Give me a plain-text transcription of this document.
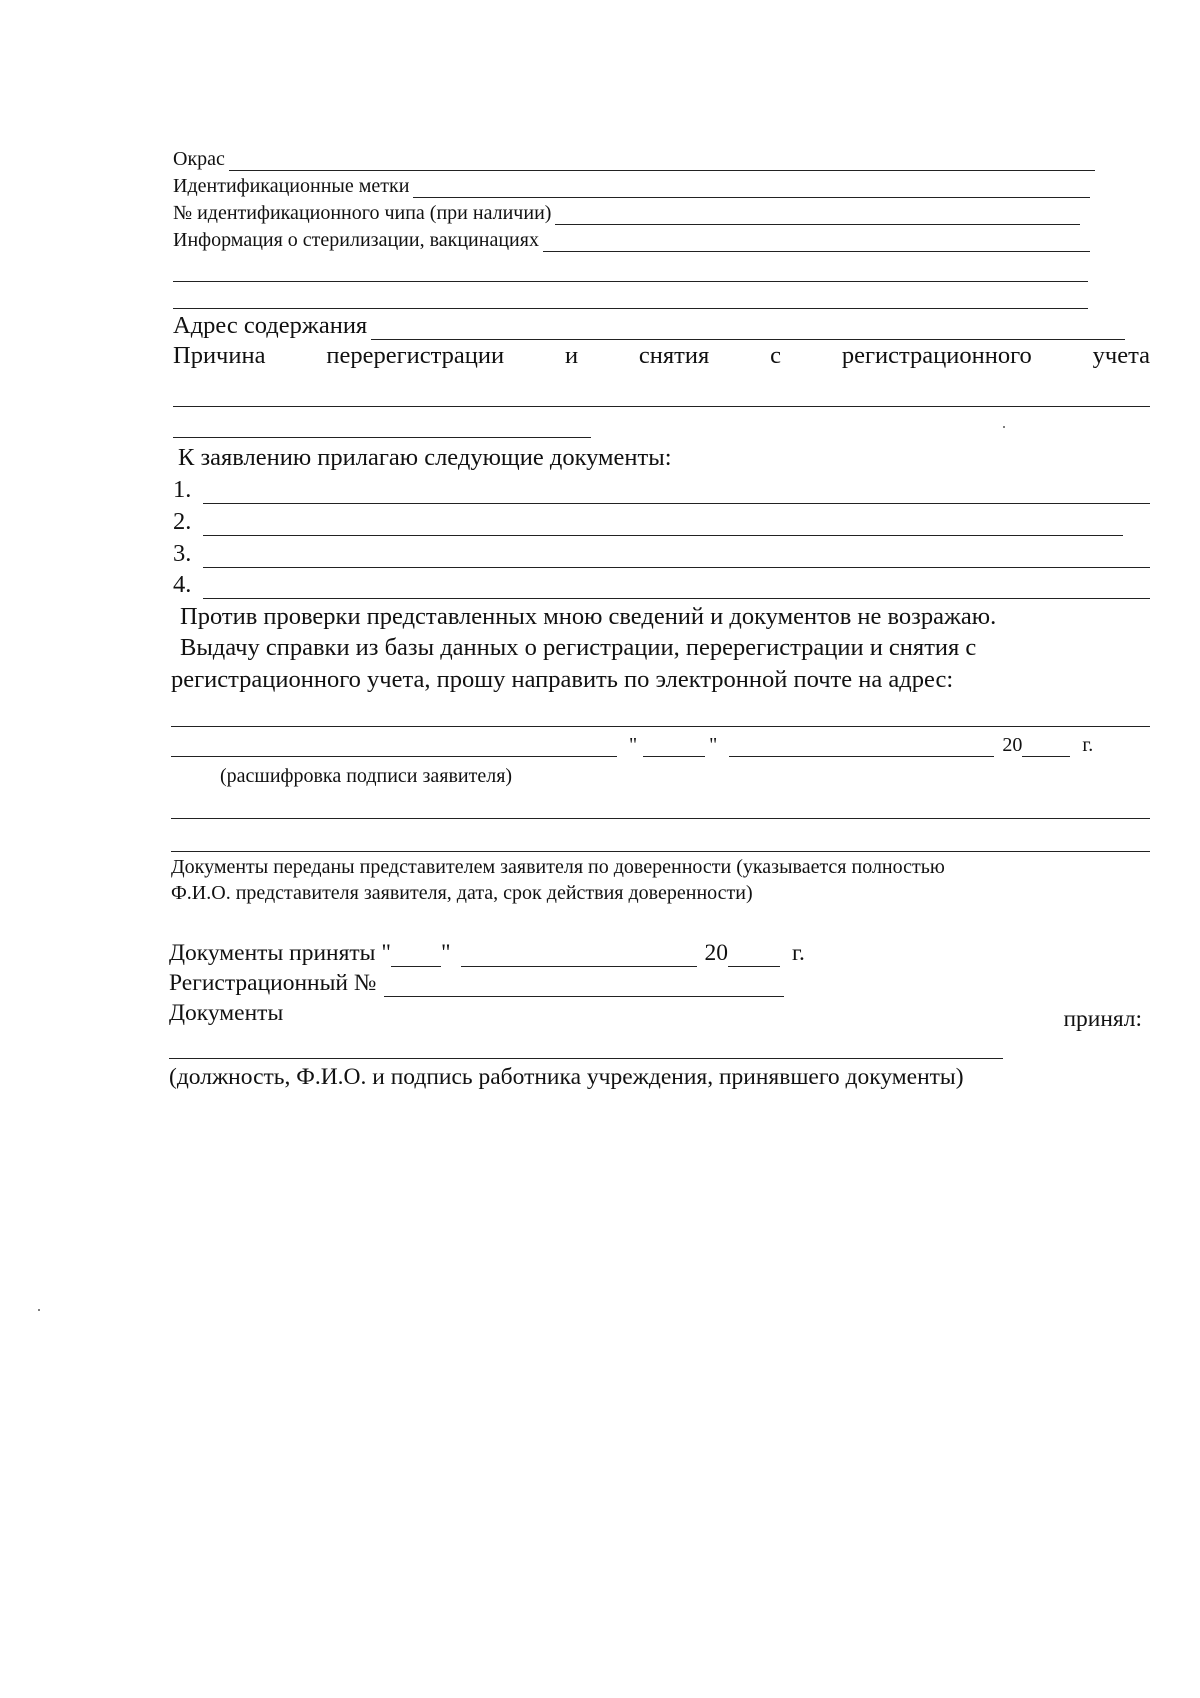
Окрас
Идентификационные метки
№ идентификационного чипа (при наличии)
Информация о стерилизации, вакцинациях
Адрес содержания
Причина перерегистрации и снятия с регистрационного учета
К заявлению прилагаю следующие документы:
1.
2.
3.
4.
Против проверки представленных мною сведений и документов не возражаю.
Выдачу справки из базы данных о регистрации, перерегистрации и снятия с
регистрационного учета, прошу направить по электронной почте на адрес:
"	"	20	г.
(расшифровка подписи заявителя)
Документы переданы представителем заявителя по доверенности (указывается полностью
Ф.И.О. представителя заявителя, дата, срок действия доверенности)
Документы приняты " "	20	г.
Регистрационный №
Документы	принял:
(должность, Ф.И.О. и подпись работника учреждения, принявшего документы)
